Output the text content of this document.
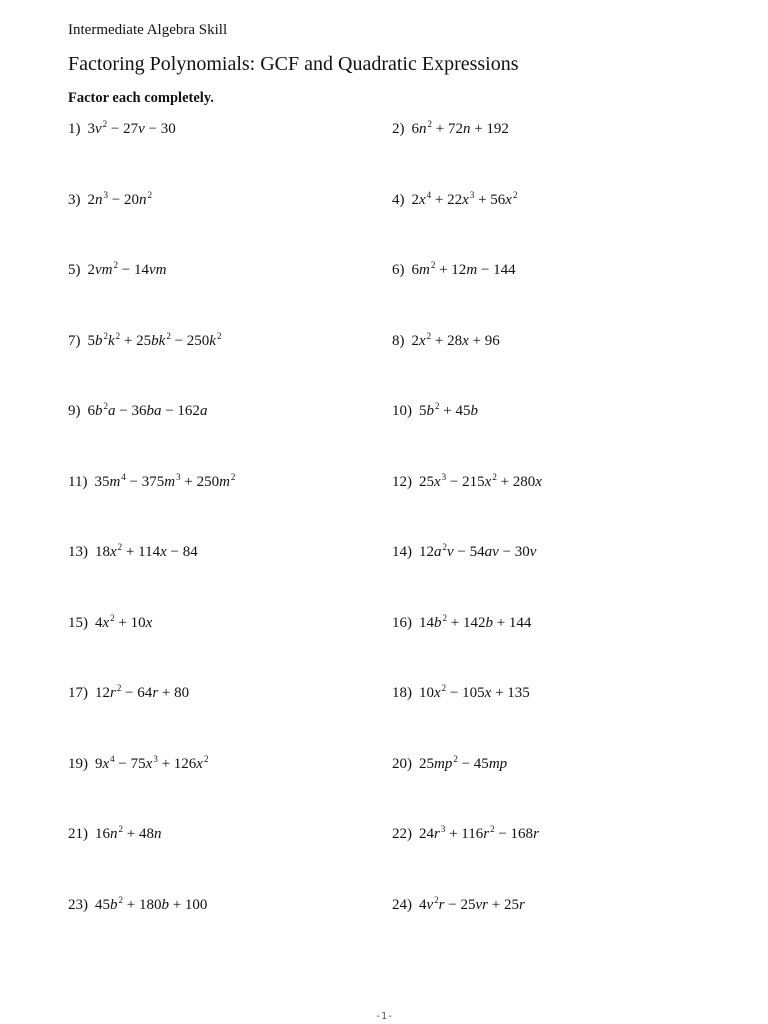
Intermediate Algebra Skill
Factoring Polynomials: GCF and Quadratic Expressions
Factor each completely.
1) $3v^2 - 27v - 30$	2) $6n^2 + 72n + 192$
3) $2n^3 - 20n^2$	4) $2x^4 + 22x^3 + 56x^2$
5) $2vm^2 - 14vm$	6) $6m^2 + 12m - 144$
7) $5b^2k^2 + 25bk^2 - 250k^2$	8) $2x^2 + 28x + 96$
9) $6b^2a - 36ba - 162a$	10) $5b^2 + 45b$
11) $35m^4 - 375m^3 + 250m^2$	12) $25x^3 - 215x^2 + 280x$
13) $18x^2 + 114x - 84$	14) $12a^2v - 54av - 30v$
15) $4x^2 + 10x$	16) $14b^2 + 142b + 144$
17) $12r^2 - 64r + 80$	18) $10x^2 - 105x + 135$
19) $9x^4 - 75x^3 + 126x^2$	20) $25mp^2 - 45mp$
21) $16n^2 + 48n$	22) $24r^3 + 116r^2 - 168r$
23) $45b^2 + 180b + 100$	24) $4v^2r - 25vr + 25r$
-1-
